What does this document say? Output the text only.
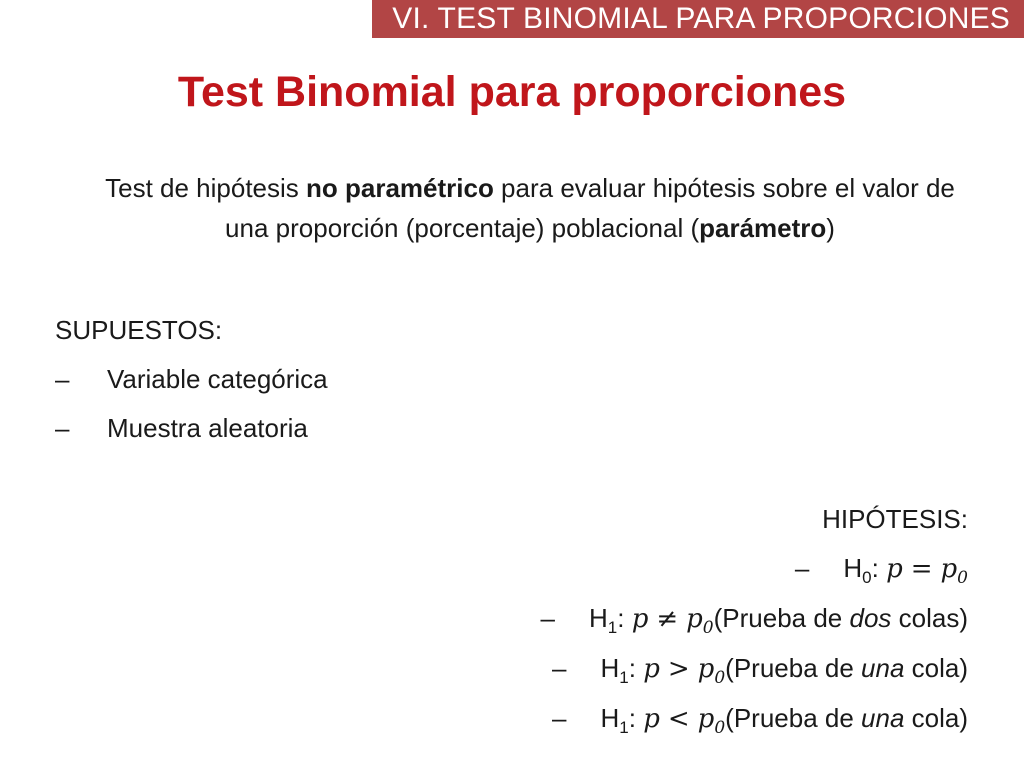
VI. TEST BINOMIAL PARA PROPORCIONES
Test Binomial para proporciones
Test de hipótesis no paramétrico para evaluar hipótesis sobre el valor de una proporción (porcentaje) poblacional (parámetro)
SUPUESTOS:
–	Variable categórica
–	Muestra aleatoria
HIPÓTESIS:
– $H_0$: $p = p_0$
– $H_1$: $p \ne p_0$ (Prueba de dos colas)
– $H_1$: $p > p_0$ (Prueba de una cola)
– $H_1$: $p < p_0$ (Prueba de una cola)
